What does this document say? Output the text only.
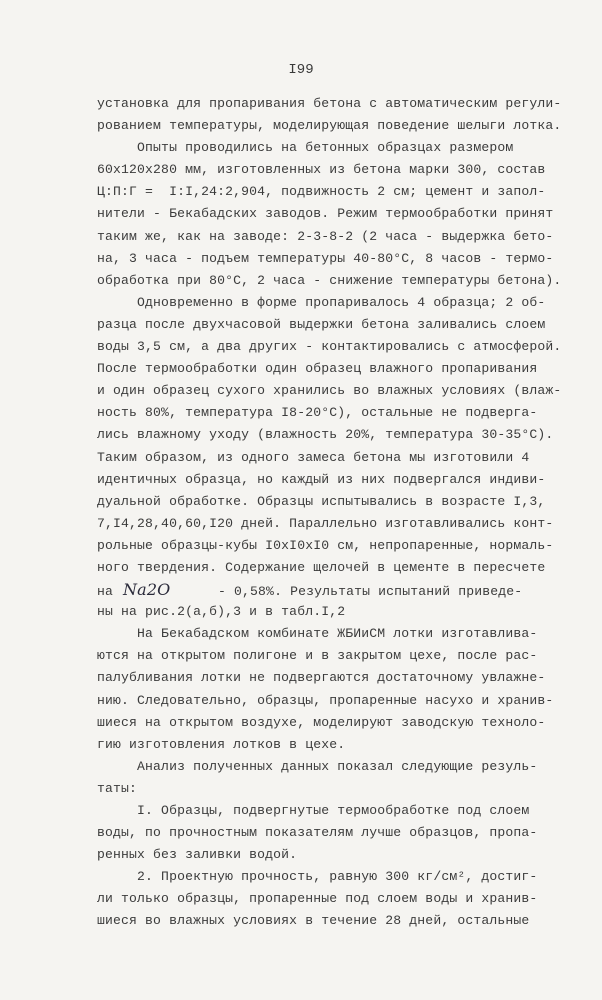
I99
установка для пропаривания бетона с автоматическим регули-
рованием температуры, моделирующая поведение шелыги лотка.
Опыты проводились на бетонных образцах размером
60х120х280 мм, изготовленных из бетона марки 300, состав
Ц:П:Г =  I:I,24:2,904, подвижность 2 см; цемент и запол-
нители - Бекабадских заводов. Режим термообработки принят
таким же, как на заводе: 2-3-8-2 (2 часа - выдержка бето-
на, 3 часа - подъем температуры 40-80°С, 8 часов - термо-
обработка при 80°С, 2 часа - снижение температуры бетона).
Одновременно в форме пропаривалось 4 образца; 2 об-
разца после двухчасовой выдержки бетона заливались слоем
воды 3,5 см, а два других - контактировались с атмосферой.
После термообработки один образец влажного пропаривания
и один образец сухого хранились во влажных условиях (влаж-
ность 80%, температура I8-20°С), остальные не подверга-
лись влажному уходу (влажность 20%, температура 30-35°С).
Таким образом, из одного замеса бетона мы изготовили 4
идентичных образца, но каждый из них подвергался индиви-
дуальной обработке. Образцы испытывались в возрасте I,3,
7,I4,28,40,60,I20 дней. Параллельно изготавливались конт-
рольные образцы-кубы I0хI0хI0 см, непропаренные, нормаль-
ного твердения. Содержание щелочей в цементе в пересчете
на Na2O	- 0,58%. Результаты испытаний приведе-
ны на рис.2(а,б),3 и в табл.I,2
На Бекабадском комбинате ЖБИиСМ лотки изготавлива-
ются на открытом полигоне и в закрытом цехе, после рас-
палубливания лотки не подвергаются достаточному увлажне-
нию. Следовательно, образцы, пропаренные насухо и хранив-
шиеся на открытом воздухе, моделируют заводскую техноло-
гию изготовления лотков в цехе.
Анализ полученных данных показал следующие резуль-
таты:
I. Образцы, подвергнутые термообработке под слоем
воды, по прочностным показателям лучше образцов, пропа-
ренных без заливки водой.
2. Проектную прочность, равную 300 кг/см², достиг-
ли только образцы, пропаренные под слоем воды и хранив-
шиеся во влажных условиях в течение 28 дней, остальные
